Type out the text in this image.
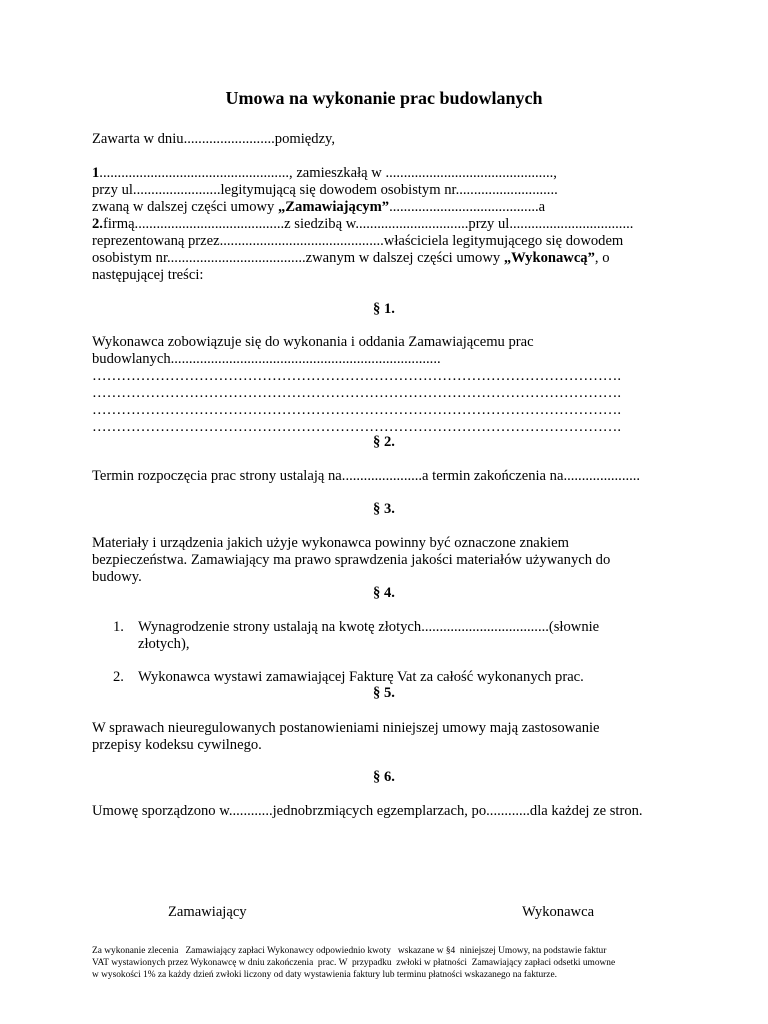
Umowa na wykonanie prac budowlanych

Zawarta w dniu.........................pomiędzy,

1...................................................., zamieszkałą w ..............................................,

przy ul........................legitymującą się dowodem osobistym nr............................

zwaną w dalszej części umowy „Zamawiającym”.........................................a

2.firmą.........................................z siedzibą w...............................przy ul..................................

reprezentowaną przez.............................................właściciela legitymującego się dowodem

osobistym nr......................................zwanym w dalszej części umowy „Wykonawcą”, o

następującej treści:

§ 1.

Wykonawca zobowiązuje się do wykonania i oddania Zamawiającemu prac

budowlanych..........................................................................

……………………………………………………………………………………………….

……………………………………………………………………………………………….

……………………………………………………………………………………………….

……………………………………………………………………………………………….

§ 2.

Termin rozpoczęcia prac strony ustalają na......................a termin zakończenia na.....................

§ 3.

Materiały i urządzenia jakich użyje wykonawca powinny być oznaczone znakiem

bezpieczeństwa. Zamawiający ma prawo sprawdzenia jakości materiałów używanych do

budowy.

§ 4.

1. Wynagrodzenie strony ustalają na kwotę złotych...................................(słownie

złotych),

2. Wykonawca wystawi zamawiającej Fakturę Vat za całość wykonanych prac.

§ 5.

W sprawach nieuregulowanych postanowieniami niniejszej umowy mają zastosowanie

przepisy kodeksu cywilnego.

§ 6.

Umowę sporządzono w............jednobrzmiących egzemplarzach, po............dla każdej ze stron.

Zamawiający	Wykonawca

Za wykonanie zlecenia   Zamawiający zapłaci Wykonawcy odpowiednio kwoty   wskazane w §4  niniejszej Umowy, na podstawie faktur

VAT wystawionych przez Wykonawcę w dniu zakończenia  prac. W  przypadku  zwłoki w płatności  Zamawiający zapłaci odsetki umowne

w wysokości 1% za każdy dzień zwłoki liczony od daty wystawienia faktury lub terminu płatności wskazanego na fakturze.
